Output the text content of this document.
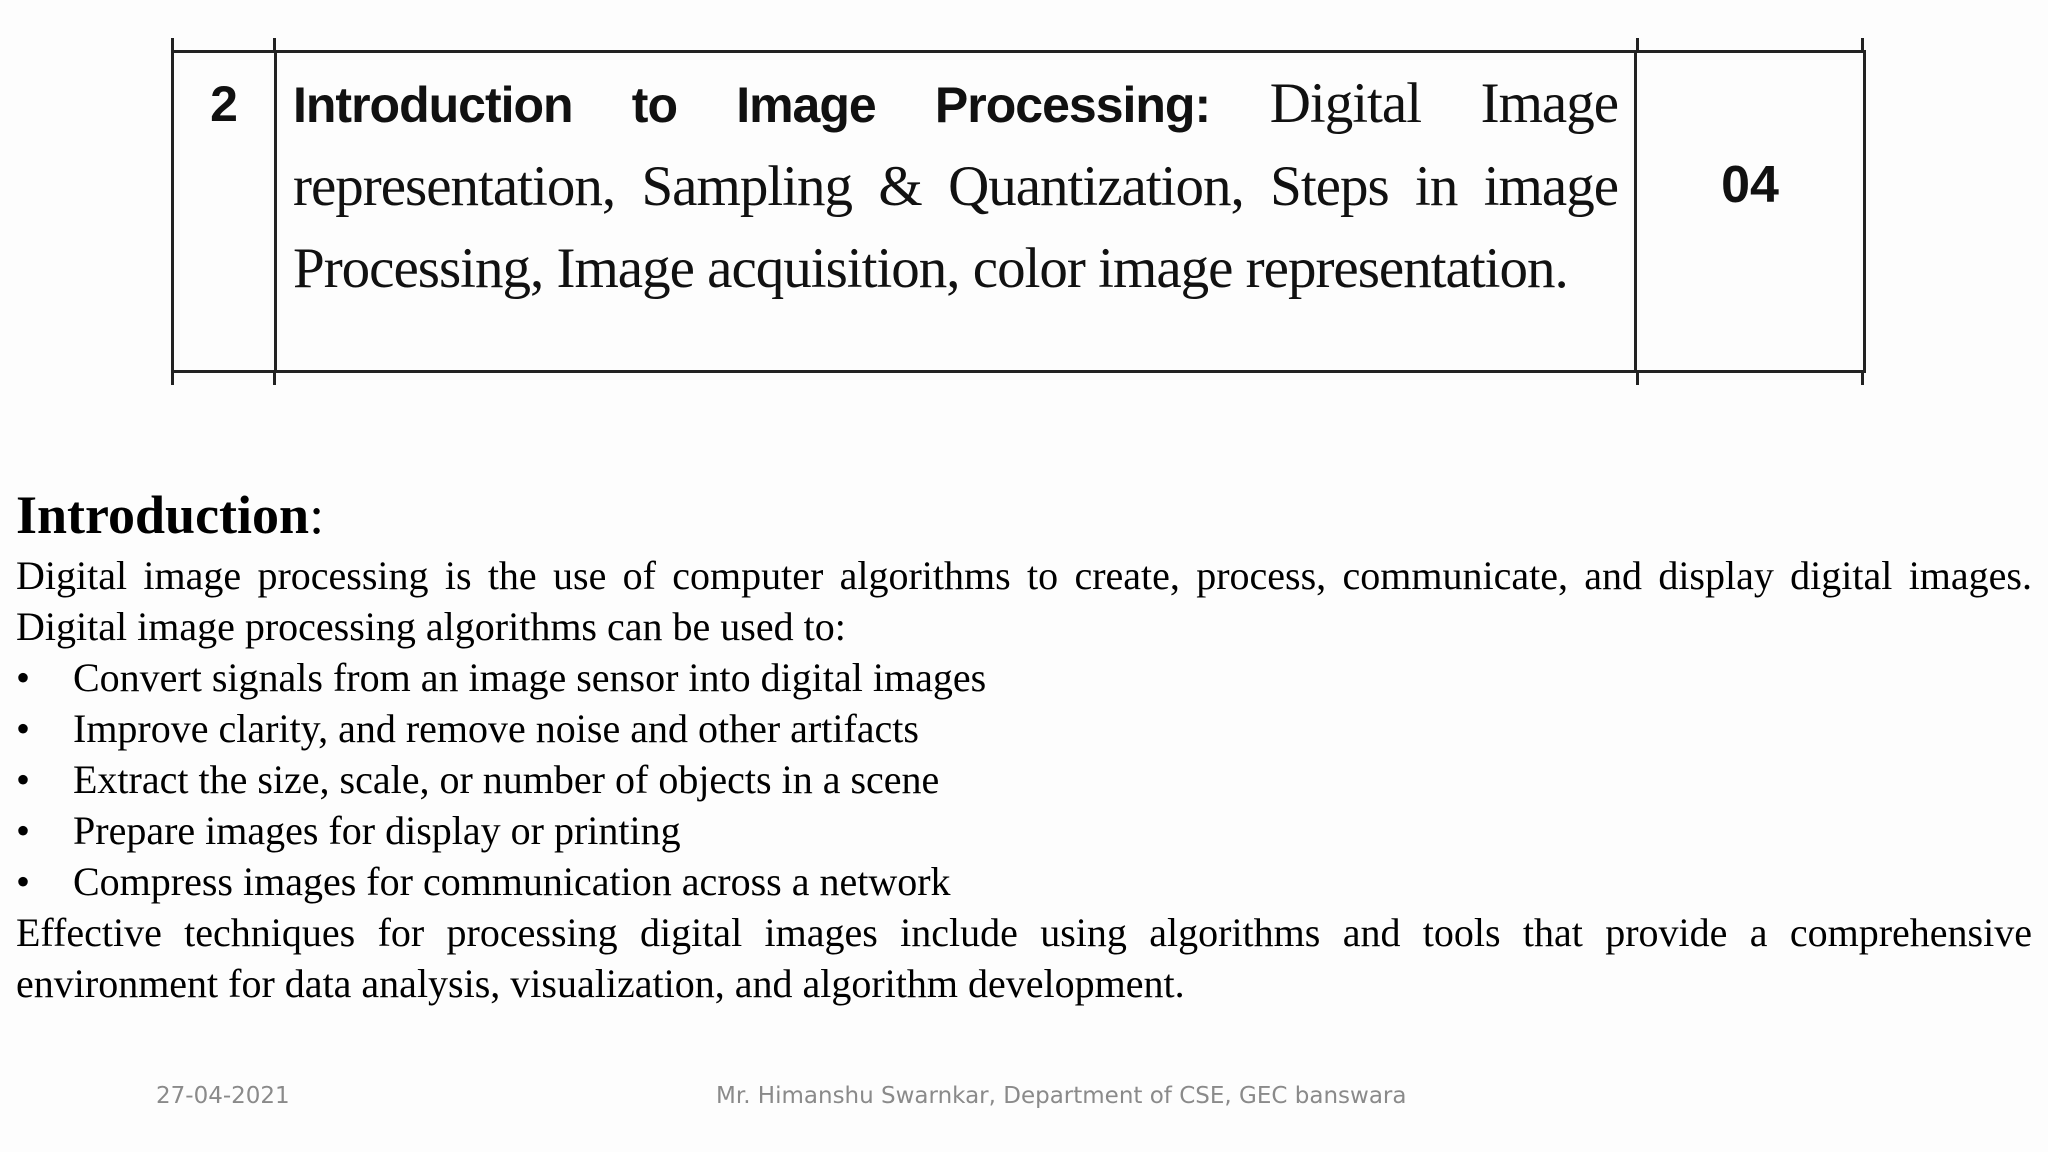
2	Introduction to Image Processing: Digital Image representation, Sampling & Quantization, Steps in image Processing, Image acquisition, color image representation.	04
Introduction:

Digital image processing is the use of computer algorithms to create, process, communicate, and display digital images. Digital image processing algorithms can be used to:

• Convert signals from an image sensor into digital images
• Improve clarity, and remove noise and other artifacts
• Extract the size, scale, or number of objects in a scene
• Prepare images for display or printing
• Compress images for communication across a network

Effective techniques for processing digital images include using algorithms and tools that provide a comprehensive environment for data analysis, visualization, and algorithm development.

27-04-2021	Mr. Himanshu Swarnkar, Department of CSE, GEC banswara
